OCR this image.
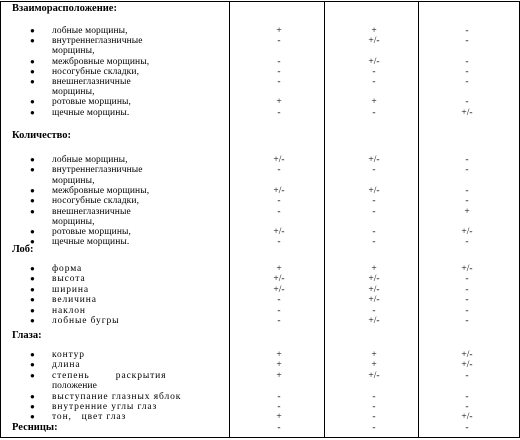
Взаиморасположение:
● лобные морщины,	+	+	-
● внутреннеглазничные	-	+/-	-
морщины,
● межбровные морщины,	-	+/-	-
● носогубные складки,	-	-	-
● внешнеглазничные	-	-	-
морщины,
● ротовые морщины,	+	+	-
● щечные морщины.	-	-	+/-
Количество:
● лобные морщины,	+/-	+/-	-
● внутреннеглазничные	-	-	-
морщины,
● межбровные морщины,	+/-	+/-	-
● носогубные складки,	-	-	-
● внешнеглазничные	-	-	+
морщины,
● ротовые морщины,	+/-	-	+/-
● щечные морщины.	-	-	-
Лоб:
● форма	+	+	+/-
● высота	+/-	+/-	-
● ширина	+/-	+/-	-
● величина	-	+/-	-
● наклон	-	-	-
● лобные бугры	-	+/-	-
Глаза:
● контур	+	+	+/-
● длина	+	+	+/-
● степень        раскрытия	+	+/-	-
положение
● выступание глазных яблок	-	-	-
● внутренние углы глаз	-	-	-
● тон,   цвет глаз	+	-	+/-
Ресницы:	-	-	-
